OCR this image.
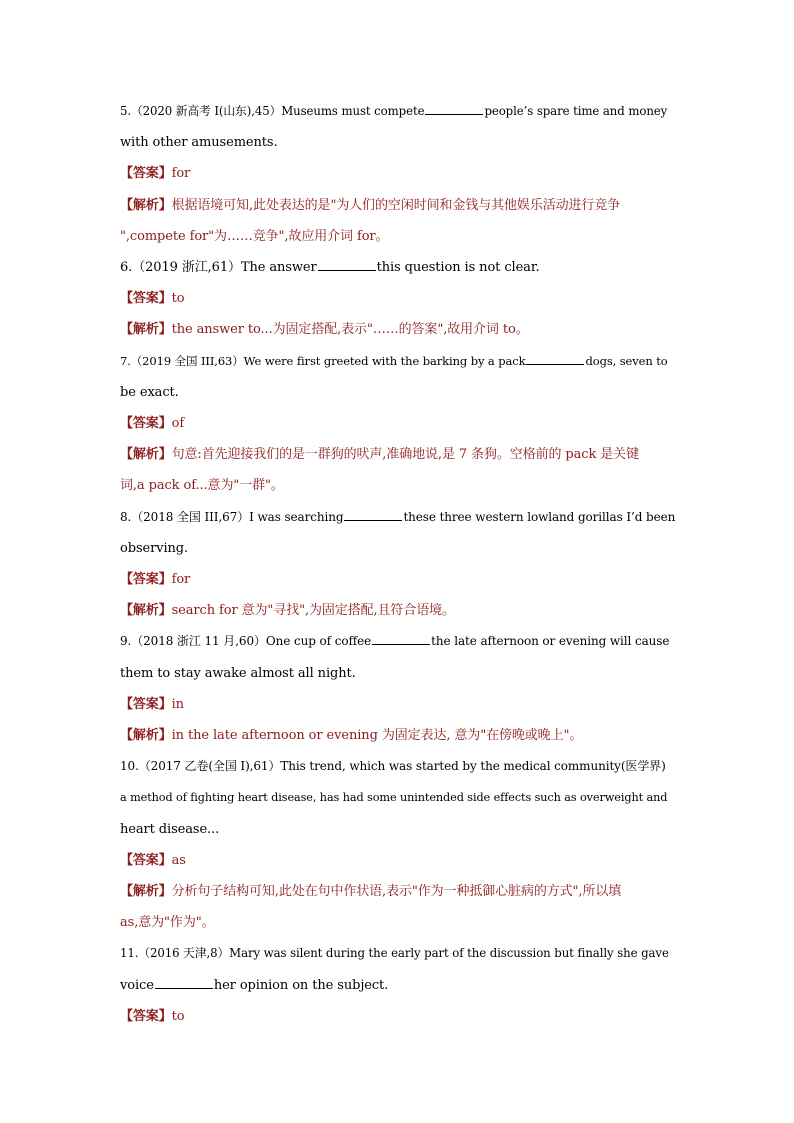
5.（2020 新高考 I(山东),45）Museums must compete	people’s spare time and money
with other amusements.
【答案】for
【解析】根据语境可知,此处表达的是"为人们的空闲时间和金钱与其他娱乐活动进行竞争
",compete for"为……竞争",故应用介词 for。
6.（2019 浙江,61）The answer	this question is not clear.
【答案】to
【解析】the answer to...为固定搭配,表示"……的答案",故用介词 to。
7.（2019 全国 III,63）We were first greeted with the barking by a pack	dogs, seven to
be exact.
【答案】of
【解析】句意:首先迎接我们的是一群狗的吠声,准确地说,是 7 条狗。空格前的 pack 是关键
词,a pack of...意为"一群"。
8.（2018 全国 III,67）I was searching	these three western lowland gorillas I’d been
observing.
【答案】for
【解析】search for 意为"寻找",为固定搭配,且符合语境。
9.（2018 浙江 11 月,60）One cup of coffee	the late afternoon or evening will cause
them to stay awake almost all night.
【答案】in
【解析】in the late afternoon or evening 为固定表达, 意为"在傍晚或晚上"。
10.（2017 乙卷(全国 I),61）This trend, which was started by the medical community(医学界)
a method of fighting heart disease, has had some unintended side effects such as overweight and
heart disease...
【答案】as
【解析】分析句子结构可知,此处在句中作状语,表示"作为一种抵御心脏病的方式",所以填
as,意为"作为"。
11.（2016 天津,8）Mary was silent during the early part of the discussion but finally she gave
voice	her opinion on the subject.
【答案】to
